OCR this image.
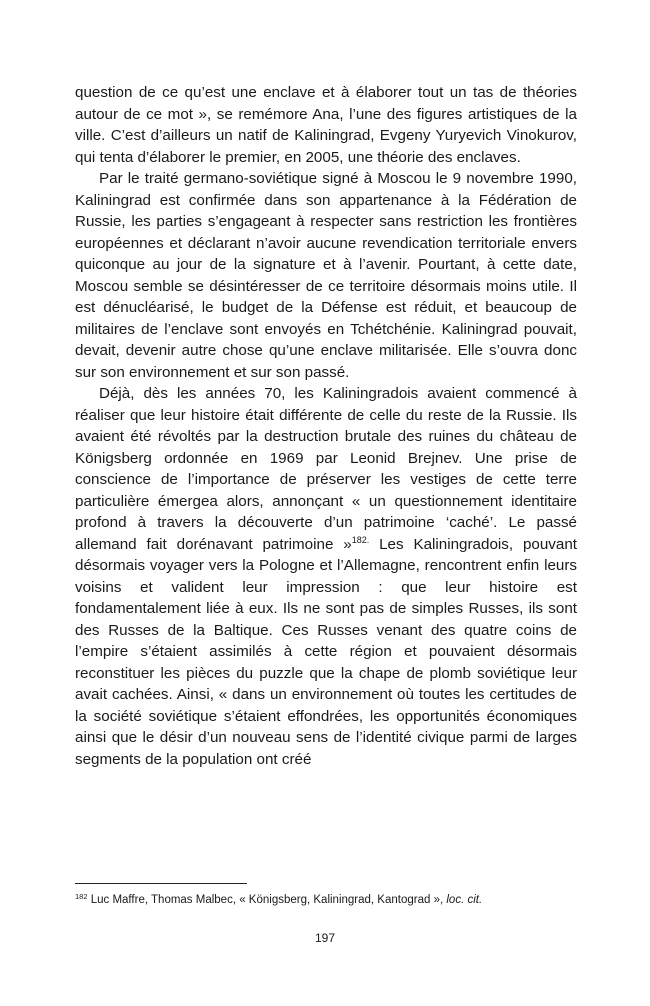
question de ce qu’est une enclave et à élaborer tout un tas de théories autour de ce mot », se remémore Ana, l’une des figures artistiques de la ville. C’est d’ailleurs un natif de Kaliningrad, Evgeny Yuryevich Vinokurov, qui tenta d’élaborer le premier, en 2005, une théorie des enclaves.

Par le traité germano-soviétique signé à Moscou le 9 novembre 1990, Kaliningrad est confirmée dans son appartenance à la Fédération de Russie, les parties s’engageant à respecter sans restriction les frontières européennes et déclarant n’avoir aucune revendication territoriale envers quiconque au jour de la signature et à l’avenir. Pourtant, à cette date, Moscou semble se désintéresser de ce territoire désormais moins utile. Il est dénucléarisé, le budget de la Défense est réduit, et beaucoup de militaires de l’enclave sont envoyés en Tchétchénie. Kaliningrad pouvait, devait, devenir autre chose qu’une enclave militarisée. Elle s’ouvra donc sur son environnement et sur son passé.

Déjà, dès les années 70, les Kaliningradois avaient commencé à réaliser que leur histoire était différente de celle du reste de la Russie. Ils avaient été révoltés par la destruction brutale des ruines du château de Königsberg ordonnée en 1969 par Leonid Brejnev. Une prise de conscience de l’importance de préserver les vestiges de cette terre particulière émergea alors, annonçant « un questionnement identitaire profond à travers la découverte d’un patrimoine ‘caché’. Le passé allemand fait dorénavant patrimoine »$^{182.}$ Les Kaliningradois, pouvant désormais voyager vers la Pologne et l’Allemagne, rencontrent enfin leurs voisins et valident leur impression : que leur histoire est fondamentalement liée à eux. Ils ne sont pas de simples Russes, ils sont des Russes de la Baltique. Ces Russes venant des quatre coins de l’empire s’étaient assimilés à cette région et pouvaient désormais reconstituer les pièces du puzzle que la chape de plomb soviétique leur avait cachées. Ainsi, « dans un environnement où toutes les certitudes de la société soviétique s’étaient effondrées, les opportunités économiques ainsi que le désir d’un nouveau sens de l’identité civique parmi de larges segments de la population ont créé

$^{182}$ Luc Maffre, Thomas Malbec, « Königsberg, Kaliningrad, Kantograd », loc. cit.
197
